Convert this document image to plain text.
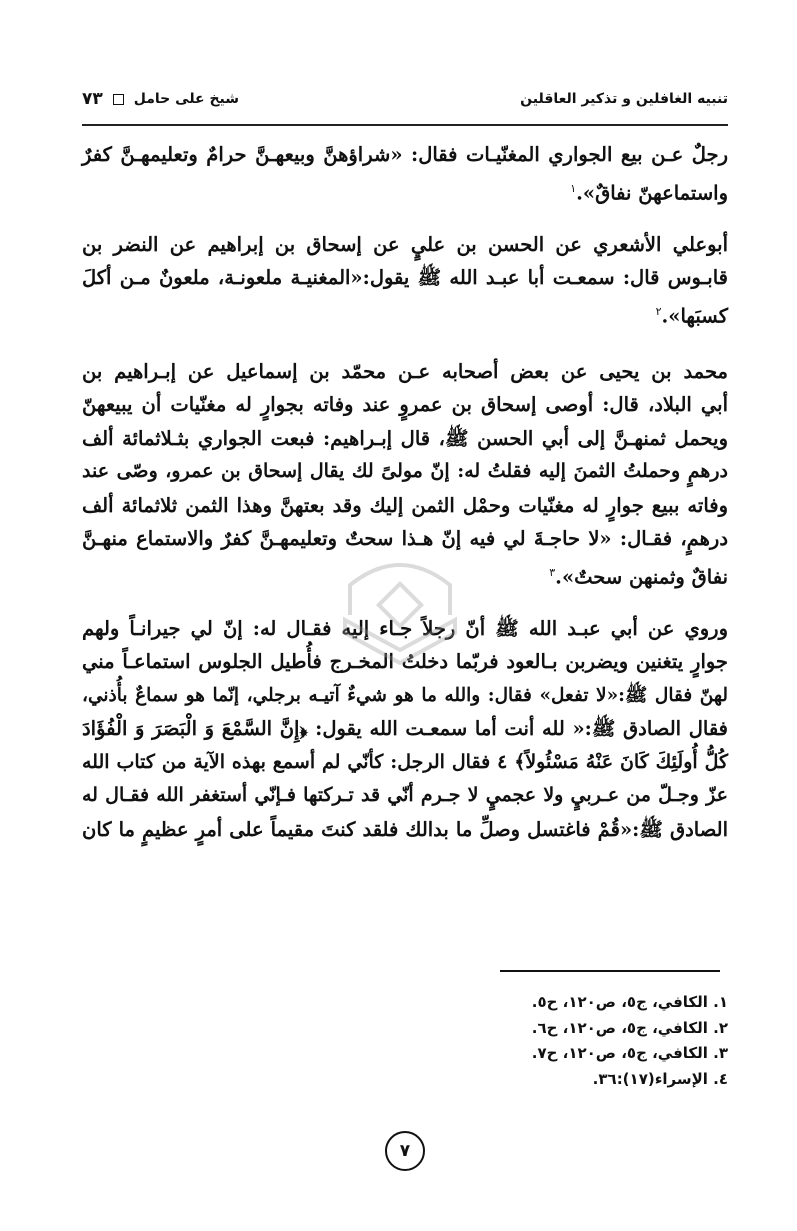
تنبيه الغافلين و تذكير العاقلين
شيخ على حامل
٧٣

رجلٌ عـن بيع الجواري المغنّيـات فقال: «شراؤهنَّ وبيعهـنَّ حرامٌ وتعليمهـنَّ كفرٌ
واستماعهنّ نفاقٌ».$^١$

أبوعلي الأشعري عن الحسن بن عليٍ عن إسحاق بن إبراهيم عن النضر بن
قابـوس قال: سمعـت أبا عبـد الله ﷺ يقول:«المغنيـة ملعونـة، ملعونٌ مـن أكلَ
كسبَها».$^٢$

محمد بن يحيى عن بعض أصحابه عـن محمّد بن إسماعيل عن إبـراهيم بن
أبي البلاد، قال: أوصى إسحاق بن عمروٍ عند وفاته بجوارٍ له مغنّيات أن يبيعهنّ
ويحمل ثمنهـنَّ إلى أبي الحسن ﷺ، قال إبـراهيم: فبعت الجواري بثـلاثمائة ألف
درهمٍ وحملتُ الثمنَ إليه فقلتُ له: إنّ مولىً لك يقال إسحاق بن عمرو، وصّى عند
وفاته ببيع جوارٍ له مغنّيات وحمْل الثمن إليك وقد بعتهنَّ وهذا الثمن ثلاثمائة ألف
درهمٍ، فقـال: «لا حاجـةَ لي فيه إنّ هـذا سحتٌ وتعليمهـنَّ كفرٌ والاستماع منهـنَّ
نفاقٌ وثمنهن سحتٌ».$^٣$

وروي عن أبي عبـد الله ﷺ أنّ رجلاً جـاء إليه فقـال له: إنّ لي جيرانـاً ولهم
جوارٍ يتغنين ويضربن بـالعود فربّما دخلتُ المخـرج فأُطيل الجلوس استماعـاً مني
لهنّ فقال ﷺ:«لا تفعل» فقال: والله ما هو شيءٌ آتيـه برجلي، إنّما هو سماعٌ بأُذني،
فقال الصادق ﷺ:« لله أنت أما سمعـت الله يقول: ﴿إِنَّ السَّمْعَ وَ الْبَصَرَ وَ الْفُؤَادَ
كُلُّ أُولَئِكَ كَانَ عَنْهُ مَسْئُولاً﴾ ٤ فقال الرجل: كأنّي لم أسمع بهذه الآية من كتاب الله
عزّ وجـلّ من عـربيٍ ولا عجميٍ لا جـرم أنّي قد تـركتها فـإنّي أستغفر الله فقـال له
الصادق ﷺ:«قُمْ فاغتسل وصلِّ ما بدالك فلقد كنتَ مقيماً على أمرٍ عظيمٍ ما كان

١. الكافي، ج٥، ص١٢٠، ح٥.
٢. الكافي، ج٥، ص١٢٠، ح٦.
٣. الكافي، ج٥، ص١٢٠، ح٧.
٤. الإسراء(١٧):٣٦.
٧
